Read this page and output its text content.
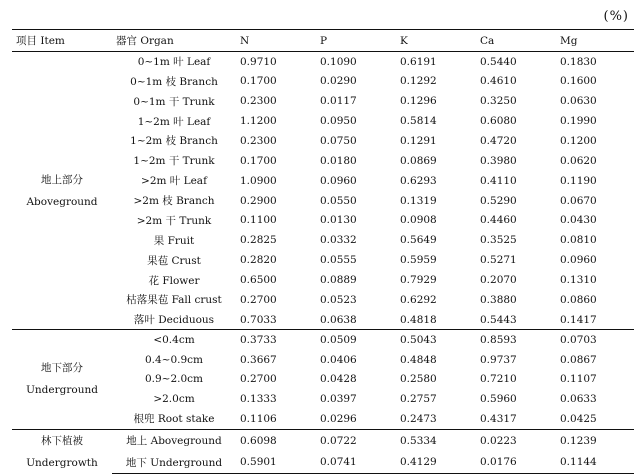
(%)
项目 Item	器官 Organ	N	P	K	Ca	Mg

地上部分
Aboveground	0~1m 叶 Leaf	0.9710	0.1090	0.6191	0.5440	0.1830
	0~1m 枝 Branch	0.1700	0.0290	0.1292	0.4610	0.1600
	0~1m 干 Trunk	0.2300	0.0117	0.1296	0.3250	0.0630
	1~2m 叶 Leaf	1.1200	0.0950	0.5814	0.6080	0.1990
	1~2m 枝 Branch	0.2300	0.0750	0.1291	0.4720	0.1200
	1~2m 干 Trunk	0.1700	0.0180	0.0869	0.3980	0.0620
	>2m 叶 Leaf	1.0900	0.0960	0.6293	0.4110	0.1190
	>2m 枝 Branch	0.2900	0.0550	0.1319	0.5290	0.0670
	>2m 干 Trunk	0.1100	0.0130	0.0908	0.4460	0.0430
	果 Fruit	0.2825	0.0332	0.5649	0.3525	0.0810
	果苞 Crust	0.2820	0.0555	0.5959	0.5271	0.0960
	花 Flower	0.6500	0.0889	0.7929	0.2070	0.1310
	枯落果苞 Fall crust	0.2700	0.0523	0.6292	0.3880	0.0860
	落叶 Deciduous	0.7033	0.0638	0.4818	0.5443	0.1417

地下部分
Underground	<0.4cm	0.3733	0.0509	0.5043	0.8593	0.0703
	0.4~0.9cm	0.3667	0.0406	0.4848	0.9737	0.0867
	0.9~2.0cm	0.2700	0.0428	0.2580	0.7210	0.1107
	>2.0cm	0.1333	0.0397	0.2757	0.5960	0.0633
	根兜 Root stake	0.1106	0.0296	0.2473	0.4317	0.0425

林下植被
Undergrowth	地上 Aboveground	0.6098	0.0722	0.5334	0.0223	0.1239
	地下 Underground	0.5901	0.0741	0.4129	0.0176	0.1144
